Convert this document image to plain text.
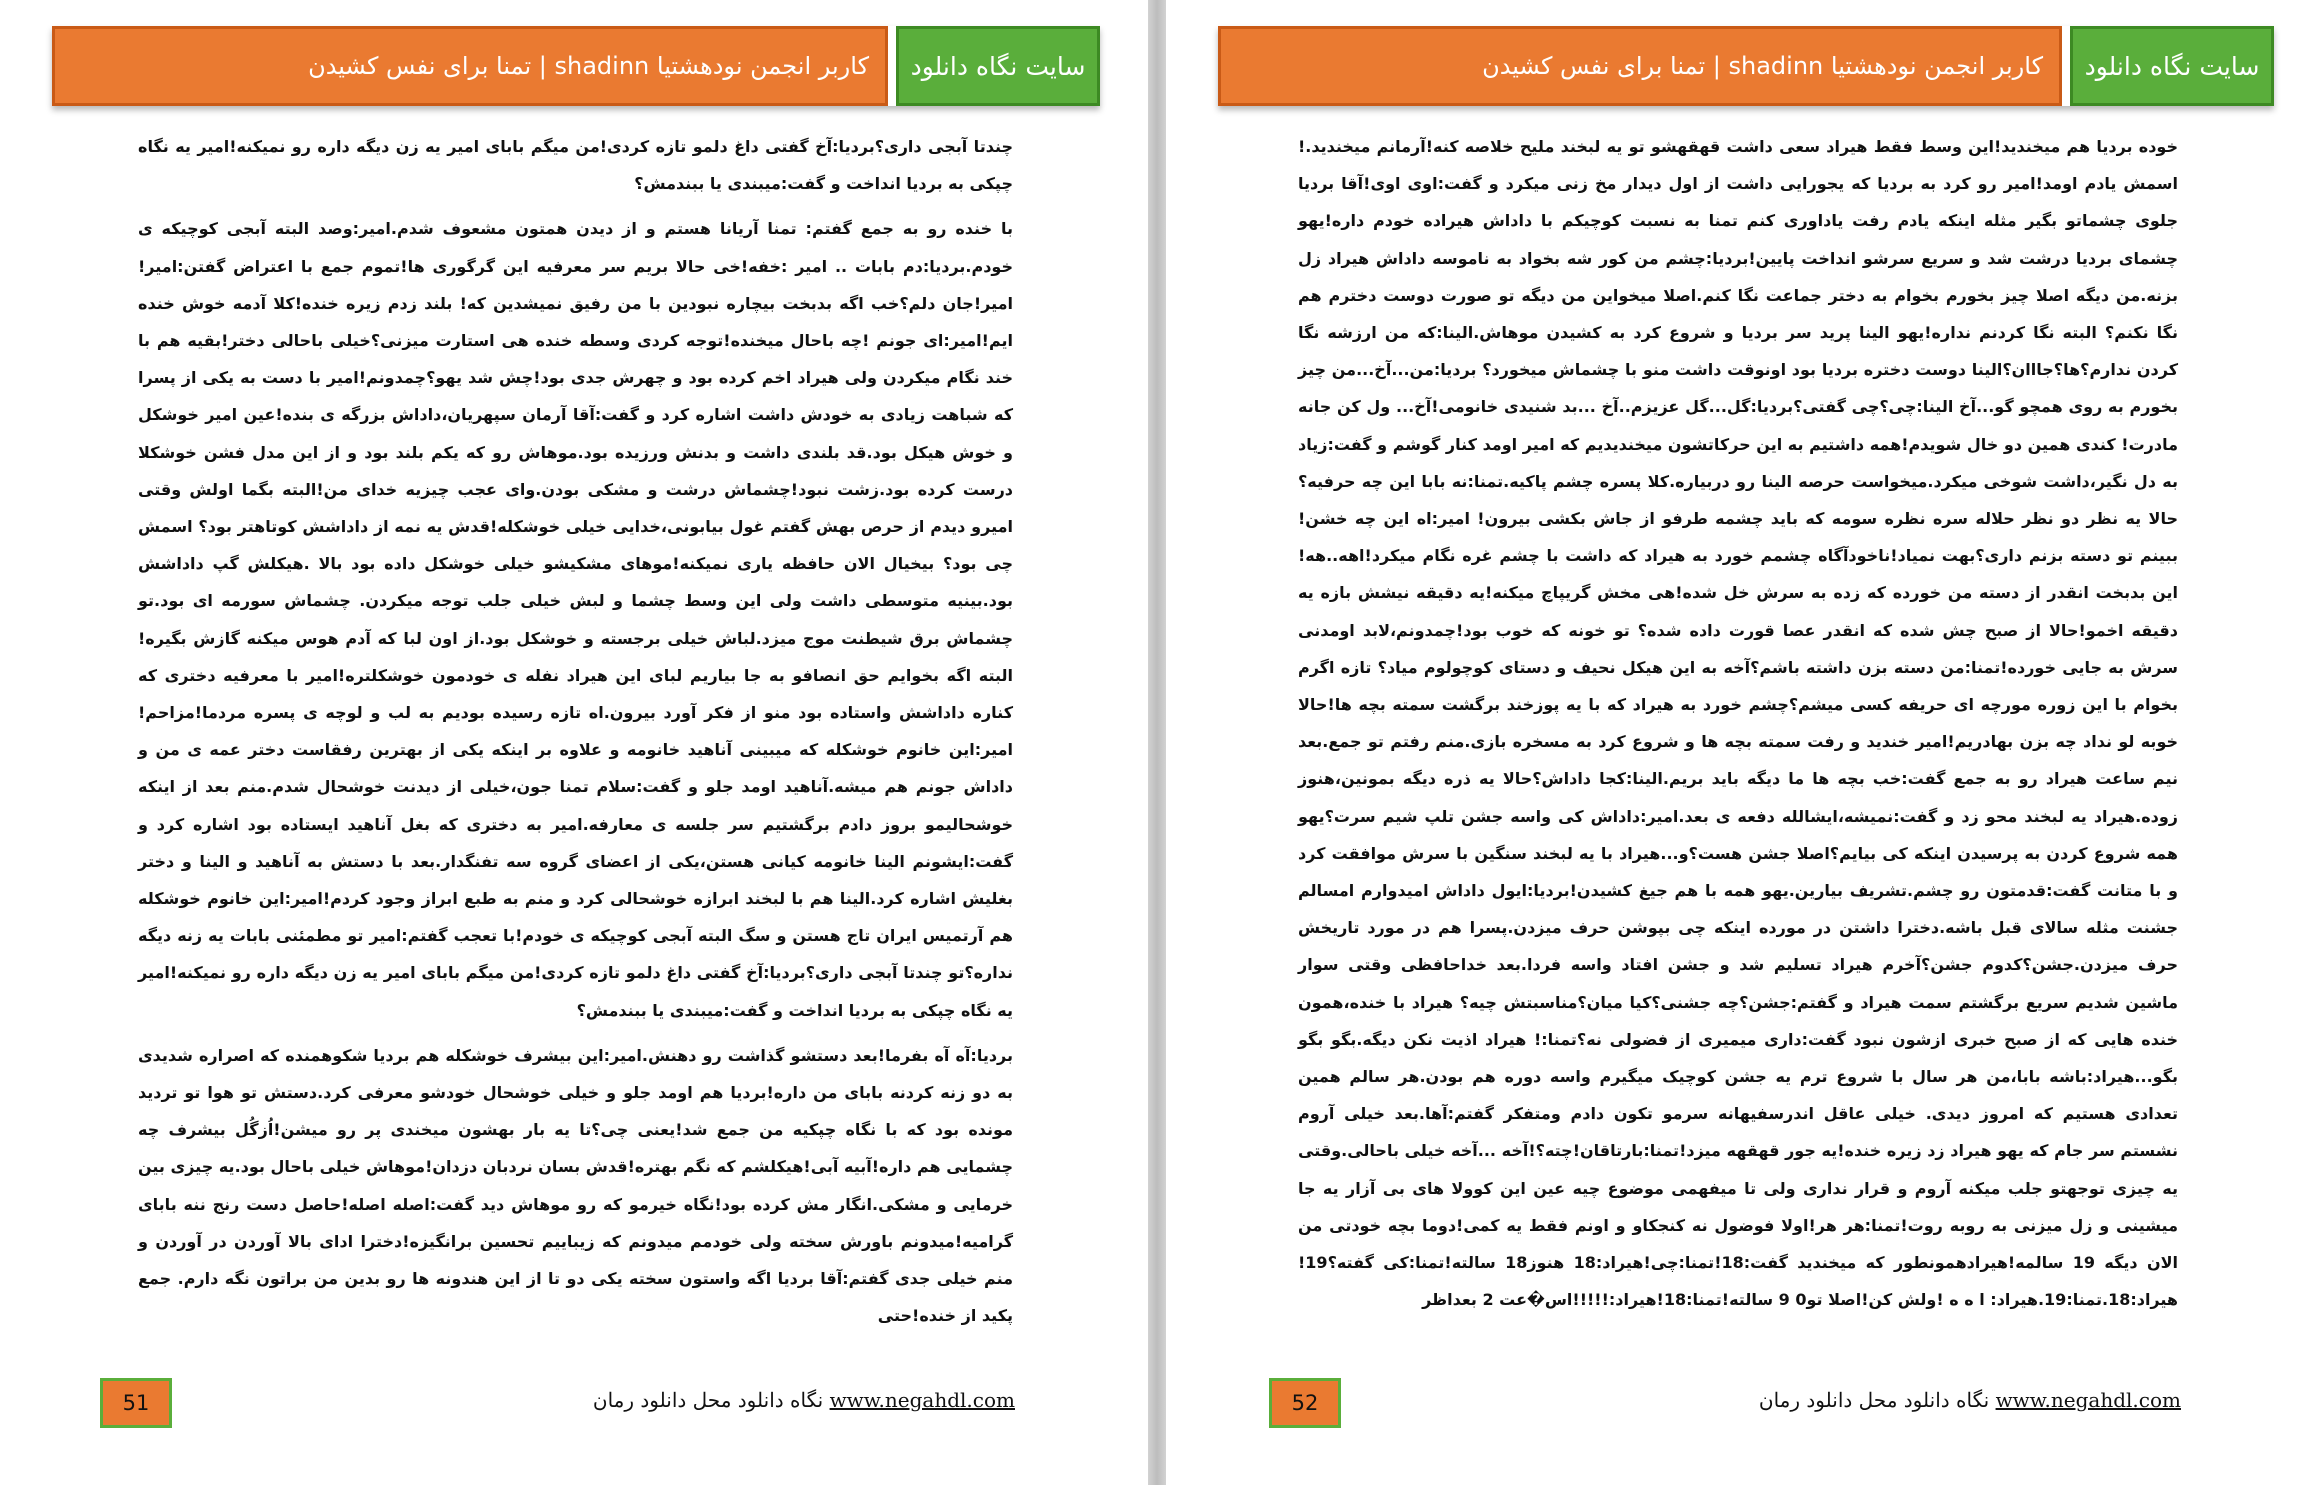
تمنا برای نفس کشیدن | shadinn کاربر انجمن نودهشتیا	سایت نگاه دانلود

چندتا آبجی داری؟بردیا:آخ گفتی داغ دلمو تازه کردی!من میگم بابای امیر یه زن دیگه داره رو نمیکنه!امیر یه نگاه چپکی به بردیا انداخت و گفت:میبندی یا ببندمش؟

با خنده رو به جمع گفتم: تمنا آریانا هستم و از دیدن همتون مشعوف شدم.امیر:وصد البته آبجی کوچیکه ی خودم.بردیا:دم بابات .. امیر :خفه!خی حالا بریم سر معرفیه این گرگوری ها!تموم جمع با اعتراض گفتن:امیر! امیر!جان دلم؟خب اگه بدبخت بیچاره نبودین با من رفیق نمیشدین که! بلند زدم زیره خنده!کلا آدمه خوش خنده ایم!امیر:ای جونم !چه باحال میخنده!توجه کردی وسطه خنده هی استارت میزنی؟خیلی باحالی دختر!بقیه هم با خند نگام میکردن ولی هیراد اخم کرده بود و چهرش جدی بود!چش شد یهو؟چمدونم!امیر با دست به یکی از پسرا که شباهت زیادی به خودش داشت اشاره کرد و گفت:آقا آرمان سپهریان،داداش بزرگه ی بنده!عین امیر خوشکل و خوش هیکل بود.قد بلندی داشت و بدنش ورزیده بود.موهاش رو که یکم بلند بود و از این مدل فشن خوشکلا درست کرده بود.زشت نبود!چشماش درشت و مشکی بودن.وای عجب چیزیه خدای من!البته بگما اولش وقتی امیرو دیدم از حرص بهش گفتم غول بیابونی،خدایی خیلی خوشکله!قدش یه نمه از داداشش کوتاهتر بود؟ اسمش چی بود؟ بیخیال الان حافظه یاری نمیکنه!موهای مشکیشو خیلی خوشکل داده بود بالا .هیکلش گپ داداشش بود.بینیه متوسطی داشت ولی این وسط چشما و لبش خیلی جلب توجه میکردن. چشماش سورمه ای بود.تو چشماش برق شیطنت موج میزد.لباش خیلی برجسته و خوشکل بود.از اون لبا که آدم هوس میکنه گازش بگیره!البته اگه بخوایم حق انصافو به جا بیاریم لبای این هیراد نفله ی خودمون خوشکلتره!امیر با معرفیه دختری که کناره داداشش واستاده بود منو از فکر آورد بیرون.اه تازه رسیده بودیم به لب و لوچه ی پسره مردما!مزاحم!امیر:این خانوم خوشکله که میبینی آناهید خانومه و علاوه بر اینکه یکی از بهترین رفقاست دختر عمه ی من و داداش جونم هم میشه.آناهید اومد جلو و گفت:سلام تمنا جون،خیلی از دیدنت خوشحال شدم.منم بعد از اینکه خوشحالیمو بروز دادم برگشتیم سر جلسه ی معارفه.امیر به دختری که بغل آناهید ایستاده بود اشاره کرد و گفت:ایشونم الینا خانومه کیانی هستن،یکی از اعضای گروه سه تفنگدار.بعد با دستش به آناهید و الینا و دختر بغلیش اشاره کرد.الینا هم با لبخند ابرازه خوشحالی کرد و منم به طبع ابراز وجود کردم!امیر:این خانوم خوشکله هم آرتمیس ایران تاج هستن و سگ البته آبجی کوچیکه ی خودم!با تعجب گفتم:امیر تو مطمئنی بابات یه زنه دیگه نداره؟تو چندتا آبجی داری؟بردیا:آخ گفتی داغ دلمو تازه کردی!من میگم بابای امیر یه زن دیگه داره رو نمیکنه!امیر یه نگاه چپکی به بردیا انداخت و گفت:میبندی یا ببندمش؟

بردیا:آه آه بفرما!بعد دستشو گذاشت رو دهنش.امیر:این بیشرف خوشکله هم بردیا شکوهمنده که اصراره شدیدی به دو زنه کردنه بابای من داره!بردیا هم اومد جلو و خیلی خوشحال خودشو معرفی کرد.دستش تو هوا تو تردید مونده بود که با نگاه چپکیه من جمع شد!یعنی چی؟تا یه بار بهشون میخندی پر رو میشن!اُزگُل بیشرف چه چشمایی هم داره!آبیه آبی!هیکلشم که نگم بهتره!قدش بسان نردبان دزدان!موهاش خیلی باحال بود.یه چیزی بین خرمایی و مشکی.انگار مش کرده بود!نگاه خیرمو که رو موهاش دید گفت:اصله اصله!حاصل دست رنج ننه بابای گرامیه!میدونم باورش سخته ولی خودمم میدونم که زیباییم تحسین برانگیزه!دخترا ادای بالا آوردن در آوردن و منم خیلی جدی گفتم:آقا بردیا اگه واستون سخته یکی دو تا از این هندونه ها رو بدین من براتون نگه دارم. جمع پکید از خنده!حتی

51	www.negahdl.com نگاه دانلود محل دانلود رمان
تمنا برای نفس کشیدن | shadinn کاربر انجمن نودهشتیا	سایت نگاه دانلود

خوده بردیا هم میخندید!این وسط فقط هیراد سعی داشت قهقهشو تو یه لبخند ملیح خلاصه کنه!آرمانم میخندید.! اسمش یادم اومد!امیر رو کرد به بردیا که یجورایی داشت از اول دیدار مخ زنی میکرد و گفت:اوی اوی!آقا بردیا جلوی چشماتو بگیر مثله اینکه یادم رفت یاداوری کنم تمنا به نسبت کوچیکم با داداش هیراده خودم داره!یهو چشمای بردیا درشت شد و سریع سرشو انداخت پایین!بردیا:چشم من کور شه بخواد به ناموسه داداش هیراد زل بزنه.من دیگه اصلا چیز بخورم بخوام به دختر جماعت نگا کنم.اصلا میخواین من دیگه تو صورت دوست دخترم هم نگا نکنم؟ البته نگا کردنم نداره!یهو الینا پرید سر بردیا و شروع کرد به کشیدن موهاش.الینا:که من ارزشه نگا کردن ندارم؟ها؟جااان؟الینا دوست دختره بردیا بود اونوقت داشت منو با چشماش میخورد؟ بردیا:من...آخ...من چیز بخورم به روی همچو گو...آخ الینا:چی؟چی گفتی؟بردیا:گل...گل عزیزم..آخ ...بد شنیدی خانومی!آخ... ول کن جانه مادرت! کندی همین دو خال شویدم!همه داشتیم به این حرکاتشون میخندیدیم که امیر اومد کنار گوشم و گفت:زیاد به دل نگیر،داشت شوخی میکرد.میخواست حرصه الینا رو دربیاره.کلا پسره چشم پاکیه.تمنا:نه بابا این چه حرفیه؟حالا یه نظر دو نظر حلاله سره نظره سومه که باید چشمه طرفو از جاش بکشی بیرون! امیر:اه این چه خشن!ببینم تو دسته بزنم داری؟بهت نمیاد!ناخودآگاه چشمم خورد به هیراد که داشت با چشم غره نگام میکرد!اهه..هه!این بدبخت انقدر از دسته من خورده که زده به سرش خل شده!هی مخش گریپاچ میکنه!یه دقیقه نیشش بازه یه دقیقه اخمو!حالا از صبح چش شده که انقدر عصا قورت داده شده؟ تو خونه که خوب بود!چمدونم،لابد اومدنی سرش به جایی خورده!تمنا:من دسته بزن داشته باشم؟آخه به این هیکل نحیف و دستای کوچولوم میاد؟ تازه اگرم بخوام با این زوره مورچه ای حریفه کسی میشم؟چشم خورد به هیراد که با یه پوزخند برگشت سمته بچه ها!حالا خوبه لو نداد چه بزن بهادریم!امیر خندید و رفت سمته بچه ها و شروع کرد به مسخره بازی.منم رفتم تو جمع.بعد نیم ساعت هیراد رو به جمع گفت:خب بچه ها ما دیگه باید بریم.الینا:کجا داداش؟حالا یه ذره دیگه بمونین،هنوز زوده.هیراد یه لبخند محو زد و گفت:نمیشه،ایشالله دفعه ی بعد.امیر:داداش کی واسه جشن تلپ شیم سرت؟یهو همه شروع کردن به پرسیدن اینکه کی بیایم؟اصلا جشن هست؟و...هیراد با یه لبخند سنگین با سرش موافقت کرد و با متانت گفت:قدمتون رو چشم.تشریف بیارین.یهو همه با هم جیغ کشیدن!بردیا:ایول داداش امیدوارم امسالم جشنت مثله سالای قبل باشه.دخترا داشتن در مورده اینکه چی بپوشن حرف میزدن.پسرا هم در مورد تاریخش حرف میزدن.جشن؟کدوم جشن؟آخرم هیراد تسلیم شد و جشن افتاد واسه فردا.بعد خداحافظی وقتی سوار ماشین شدیم سریع برگشتم سمت هیراد و گفتم:جشن؟چه جشنی؟کیا میان؟مناسبتش چیه؟ هیراد با خنده،همون خنده هایی که از صبح خبری ازشون نبود گفت:داری میمیری از فضولی نه؟تمنا:! هیراد اذیت نکن دیگه.بگو بگو بگو...هیراد:باشه بابا،من هر سال با شروع ترم یه جشن کوچیک میگیرم واسه دوره هم بودن.هر سالم همین تعدادی هستیم که امروز دیدی. خیلی عاقل اندرسفیهانه سرمو تکون دادم ومتفکر گفتم:آها.بعد خیلی آروم نشستم سر جام که یهو هیراد زد زیره خنده!یه جور قهقهه میزد!تمنا:بارتاقان!چته؟!آخه ...آخه خیلی باحالی.وقتی یه چیزی توجهتو جلب میکنه آروم و قرار نداری ولی تا میفهمی موضوع چیه عین این کوولا های بی آزار یه جا میشینی و زل میزنی به روبه روت!تمنا:هر هر!اولا فوضول نه کنجکاو و اونم فقط یه کمی!دوما بچه خودتی من الان دیگه 19 سالمه!هیرادهمونطور که میخندید گفت:18!تمنا:چی!هیراد:18 هنوز18 سالته!تمنا:کی گفته؟19!هیراد:18.تمنا:19.هیراد: ا ه ه !ولش کن!اصلا تو0 9 سالته!تمنا:18!هیراد:!!!!!اس�عت 2 بعداظر

52	www.negahdl.com نگاه دانلود محل دانلود رمان
